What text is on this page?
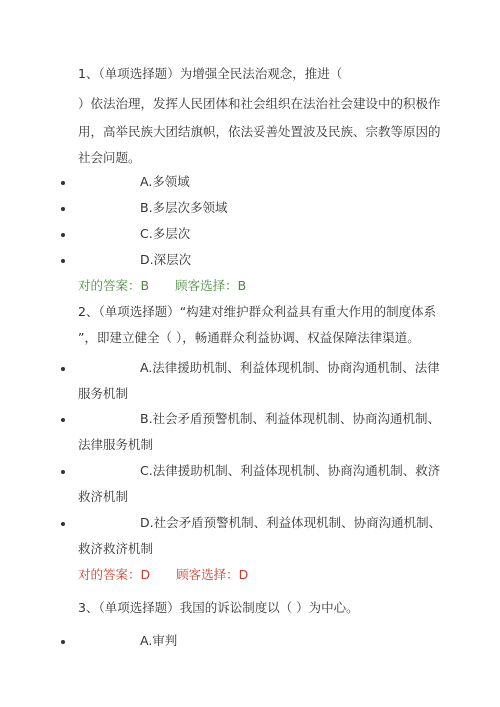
1、（单项选择题）为增强全民法治观念，推进（
）依法治理，发挥人民团体和社会组织在法治社会建设中的积极作
用，高举民族大团结旗帜，依法妥善处置波及民族、宗教等原因的
社会问题。
A.多领域
B.多层次多领域
C.多层次
D.深层次
对的答案：B 顾客选择：B
2、（单项选择题）“构建对维护群众利益具有重大作用的制度体系
”，即建立健全（ ），畅通群众利益协调、权益保障法律渠道。
A.法律援助机制、利益体现机制、协商沟通机制、法律
服务机制
B.社会矛盾预警机制、利益体现机制、协商沟通机制、
法律服务机制
C.法律援助机制、利益体现机制、协商沟通机制、救济
救济机制
D.社会矛盾预警机制、利益体现机制、协商沟通机制、
救济救济机制
对的答案：D 顾客选择：D
3、（单项选择题）我国的诉讼制度以（ ）为中心。
A.审判
